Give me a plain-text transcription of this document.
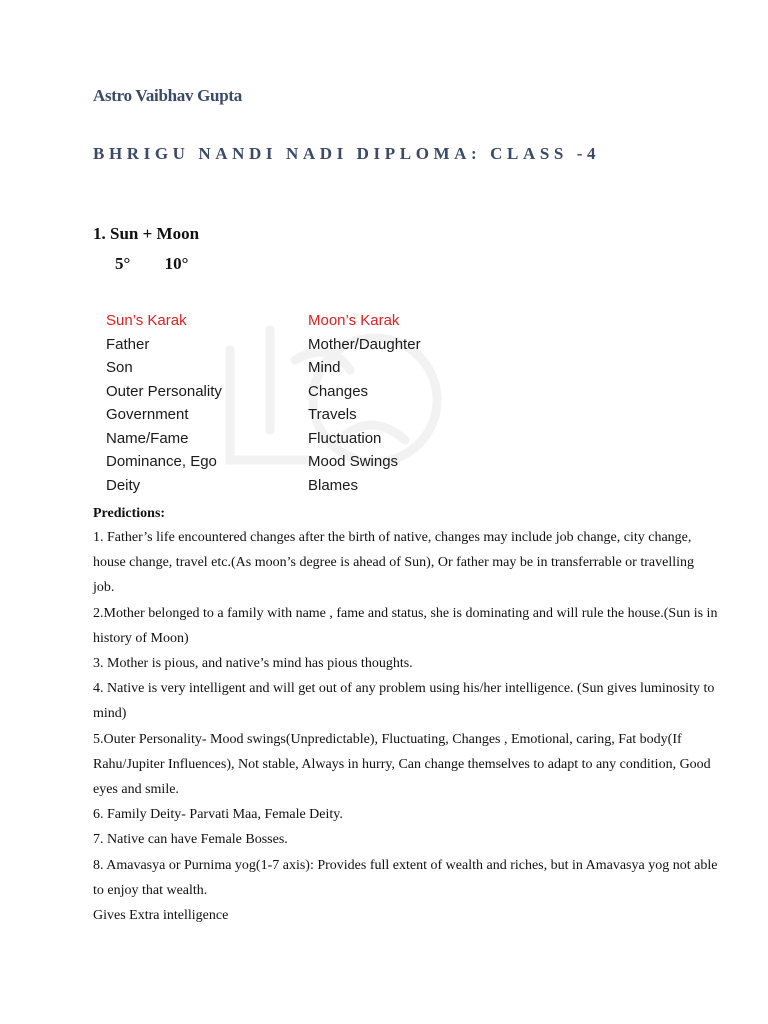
Astro Vaibhav Gupta
BHRIGU NANDI NADI DIPLOMA: CLASS -4
1. Sun + Moon
5° 10°
Sun’s Karak
Father
Son
Outer Personality
Government
Name/Fame
Dominance, Ego
Deity
Moon’s Karak
Mother/Daughter
Mind
Changes
Travels
Fluctuation
Mood Swings
Blames
Predictions:

1. Father’s life encountered changes after the birth of native, changes may include job change, city change, house change, travel etc.(As moon’s degree is ahead of Sun), Or father may be in transferrable or travelling job.

2.Mother belonged to a family with name , fame and status, she is dominating and will rule the house.(Sun is in history of Moon)

3. Mother is pious, and native’s mind has pious thoughts.

4. Native is very intelligent and will get out of any problem using his/her intelligence. (Sun gives luminosity to mind)

5.Outer Personality- Mood swings(Unpredictable), Fluctuating, Changes , Emotional, caring, Fat body(If Rahu/Jupiter Influences), Not stable, Always in hurry, Can change themselves to adapt to any condition, Good eyes and smile.

6. Family Deity- Parvati Maa, Female Deity.

7. Native can have Female Bosses.

8. Amavasya or Purnima yog(1-7 axis): Provides full extent of wealth and riches, but in Amavasya yog not able to enjoy that wealth.

Gives Extra intelligence
